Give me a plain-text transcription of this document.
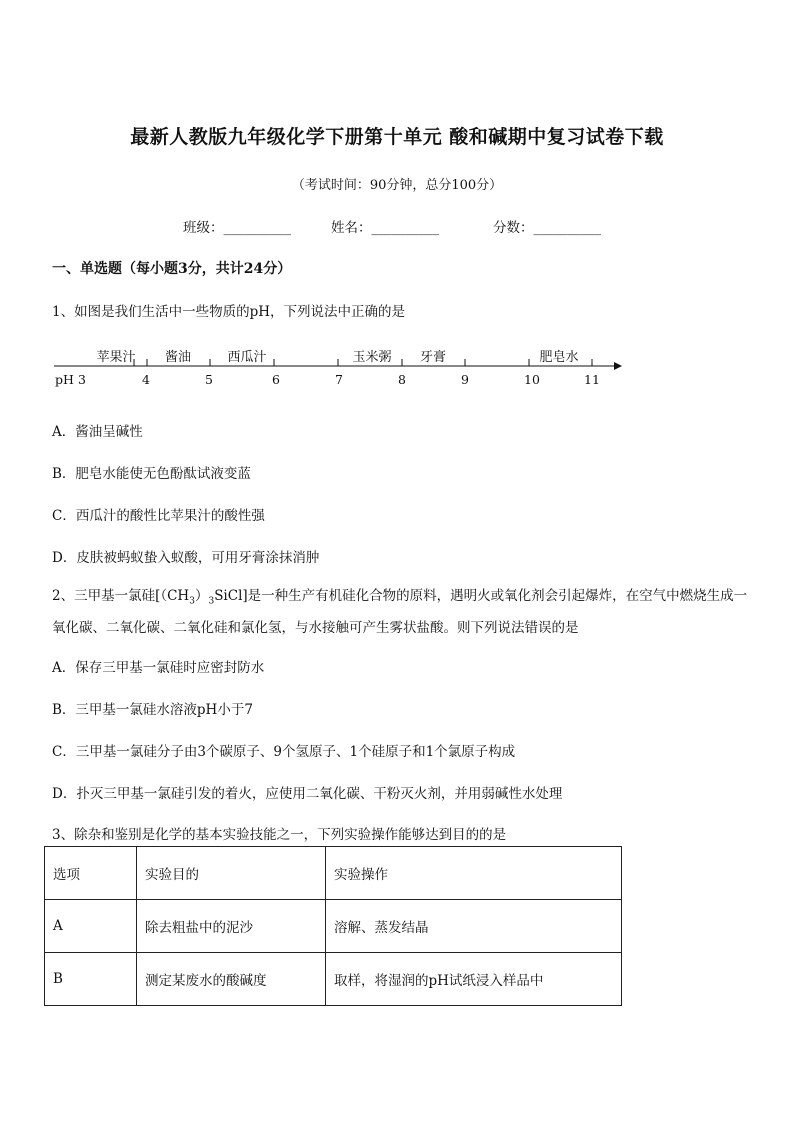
最新人教版九年级化学下册第十单元 酸和碱期中复习试卷下载
（考试时间：90分钟，总分100分）
班级：__________	姓名：__________	分数：__________
一、单选题（每小题3分，共计24分）
1、如图是我们生活中一些物质的pH，下列说法中正确的是
苹果汁 酱油	西瓜汁	玉米粥 牙膏	肥皂水
pH 3	4	5	6	7	8	9	10	11
A．酱油呈碱性
B．肥皂水能使无色酚酞试液变蓝
C．西瓜汁的酸性比苹果汁的酸性强
D．皮肤被蚂蚁蛰入蚁酸，可用牙膏涂抹消肿
2、三甲基一氯硅$[(CH_3)_3SiCl]$是一种生产有机硅化合物的原料，遇明火或氧化剂会引起爆炸，在空气中燃烧生成一氧化碳、二氧化碳、二氧化硅和氯化氢，与水接触可产生雾状盐酸。则下列说法错误的是
A．保存三甲基一氯硅时应密封防水
B．三甲基一氯硅水溶液pH小于7
C．三甲基一氯硅分子由3个碳原子、9个氢原子、1个硅原子和1个氯原子构成
D．扑灭三甲基一氯硅引发的着火，应使用二氧化碳、干粉灭火剂，并用弱碱性水处理
3、除杂和鉴别是化学的基本实验技能之一，下列实验操作能够达到目的的是
选项	实验目的	实验操作
A	除去粗盐中的泥沙	溶解、蒸发结晶
B	测定某废水的酸碱度	取样，将湿润的pH试纸浸入样品中
